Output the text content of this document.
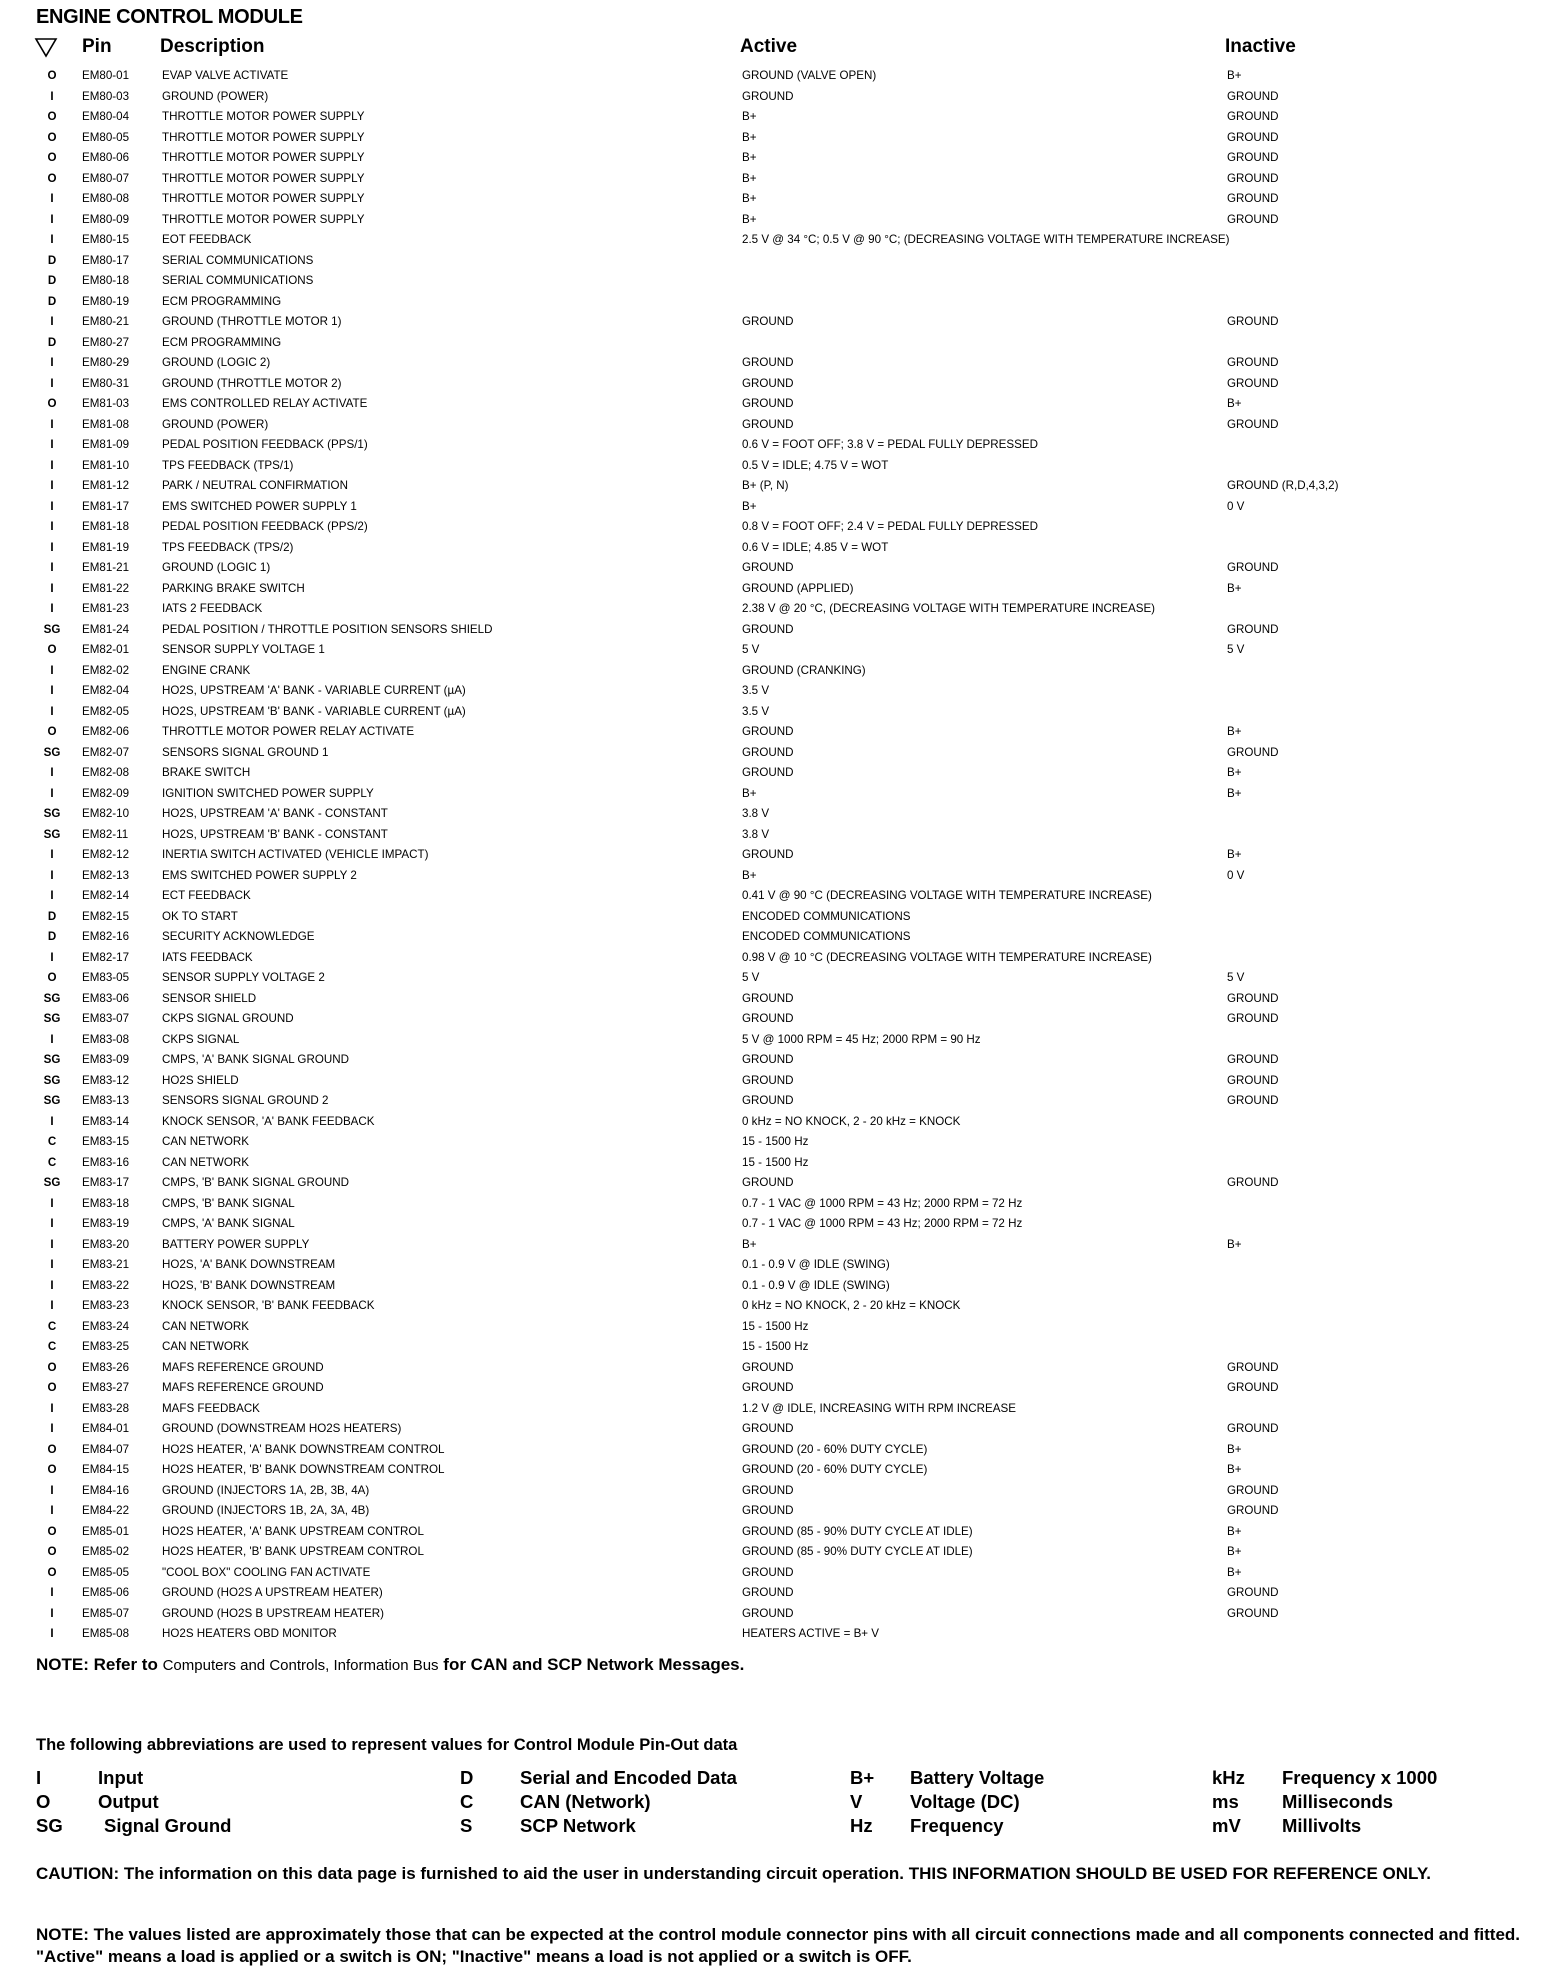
ENGINE CONTROL MODULE
Pin	Description	Active	Inactive
O	EM80-01	EVAP VALVE ACTIVATE	GROUND (VALVE OPEN)	B+
I	EM80-03	GROUND (POWER)	GROUND	GROUND
O	EM80-04	THROTTLE MOTOR POWER SUPPLY	B+	GROUND
O	EM80-05	THROTTLE MOTOR POWER SUPPLY	B+	GROUND
O	EM80-06	THROTTLE MOTOR POWER SUPPLY	B+	GROUND
O	EM80-07	THROTTLE MOTOR POWER SUPPLY	B+	GROUND
I	EM80-08	THROTTLE MOTOR POWER SUPPLY	B+	GROUND
I	EM80-09	THROTTLE MOTOR POWER SUPPLY	B+	GROUND
I	EM80-15	EOT FEEDBACK	2.5 V @ 34 °C; 0.5 V @ 90 °C; (DECREASING VOLTAGE WITH TEMPERATURE INCREASE)
D	EM80-17	SERIAL COMMUNICATIONS
D	EM80-18	SERIAL COMMUNICATIONS
D	EM80-19	ECM PROGRAMMING
I	EM80-21	GROUND (THROTTLE MOTOR 1)	GROUND	GROUND
D	EM80-27	ECM PROGRAMMING
I	EM80-29	GROUND (LOGIC 2)	GROUND	GROUND
I	EM80-31	GROUND (THROTTLE MOTOR 2)	GROUND	GROUND
O	EM81-03	EMS CONTROLLED RELAY ACTIVATE	GROUND	B+
I	EM81-08	GROUND (POWER)	GROUND	GROUND
I	EM81-09	PEDAL POSITION FEEDBACK (PPS/1)	0.6 V = FOOT OFF; 3.8 V = PEDAL FULLY DEPRESSED
I	EM81-10	TPS FEEDBACK (TPS/1)	0.5 V = IDLE; 4.75 V = WOT
I	EM81-12	PARK / NEUTRAL CONFIRMATION	B+ (P, N)	GROUND (R,D,4,3,2)
I	EM81-17	EMS SWITCHED POWER SUPPLY 1	B+	0 V
I	EM81-18	PEDAL POSITION FEEDBACK (PPS/2)	0.8 V = FOOT OFF; 2.4 V = PEDAL FULLY DEPRESSED
I	EM81-19	TPS FEEDBACK (TPS/2)	0.6 V = IDLE; 4.85 V = WOT
I	EM81-21	GROUND (LOGIC 1)	GROUND	GROUND
I	EM81-22	PARKING BRAKE SWITCH	GROUND (APPLIED)	B+
I	EM81-23	IATS 2 FEEDBACK	2.38 V @ 20 °C, (DECREASING VOLTAGE WITH TEMPERATURE INCREASE)
SG	EM81-24	PEDAL POSITION / THROTTLE POSITION SENSORS SHIELD	GROUND	GROUND
O	EM82-01	SENSOR SUPPLY VOLTAGE 1	5 V	5 V
I	EM82-02	ENGINE CRANK	GROUND (CRANKING)
I	EM82-04	HO2S, UPSTREAM 'A' BANK - VARIABLE CURRENT (µA)	3.5 V
I	EM82-05	HO2S, UPSTREAM 'B' BANK - VARIABLE CURRENT (µA)	3.5 V
O	EM82-06	THROTTLE MOTOR POWER RELAY ACTIVATE	GROUND	B+
SG	EM82-07	SENSORS SIGNAL GROUND 1	GROUND	GROUND
I	EM82-08	BRAKE SWITCH	GROUND	B+
I	EM82-09	IGNITION SWITCHED POWER SUPPLY	B+	B+
SG	EM82-10	HO2S, UPSTREAM 'A' BANK - CONSTANT	3.8 V
SG	EM82-11	HO2S, UPSTREAM 'B' BANK - CONSTANT	3.8 V
I	EM82-12	INERTIA SWITCH ACTIVATED (VEHICLE IMPACT)	GROUND	B+
I	EM82-13	EMS SWITCHED POWER SUPPLY 2	B+	0 V
I	EM82-14	ECT FEEDBACK	0.41 V @ 90 °C (DECREASING VOLTAGE WITH TEMPERATURE INCREASE)
D	EM82-15	OK TO START	ENCODED COMMUNICATIONS
D	EM82-16	SECURITY ACKNOWLEDGE	ENCODED COMMUNICATIONS
I	EM82-17	IATS FEEDBACK	0.98 V @ 10 °C (DECREASING VOLTAGE WITH TEMPERATURE INCREASE)
O	EM83-05	SENSOR SUPPLY VOLTAGE 2	5 V	5 V
SG	EM83-06	SENSOR SHIELD	GROUND	GROUND
SG	EM83-07	CKPS SIGNAL GROUND	GROUND	GROUND
I	EM83-08	CKPS SIGNAL	5 V @ 1000 RPM = 45 Hz; 2000 RPM = 90 Hz
SG	EM83-09	CMPS, 'A' BANK SIGNAL GROUND	GROUND	GROUND
SG	EM83-12	HO2S SHIELD	GROUND	GROUND
SG	EM83-13	SENSORS SIGNAL GROUND 2	GROUND	GROUND
I	EM83-14	KNOCK SENSOR, 'A' BANK FEEDBACK	0 kHz = NO KNOCK, 2 - 20 kHz = KNOCK
C	EM83-15	CAN NETWORK	15 - 1500 Hz
C	EM83-16	CAN NETWORK	15 - 1500 Hz
SG	EM83-17	CMPS, 'B' BANK SIGNAL GROUND	GROUND	GROUND
I	EM83-18	CMPS, 'B' BANK SIGNAL	0.7 - 1 VAC @ 1000 RPM = 43 Hz; 2000 RPM = 72 Hz
I	EM83-19	CMPS, 'A' BANK SIGNAL	0.7 - 1 VAC @ 1000 RPM = 43 Hz; 2000 RPM = 72 Hz
I	EM83-20	BATTERY POWER SUPPLY	B+	B+
I	EM83-21	HO2S, 'A' BANK DOWNSTREAM	0.1 - 0.9 V @ IDLE (SWING)
I	EM83-22	HO2S, 'B' BANK DOWNSTREAM	0.1 - 0.9 V @ IDLE (SWING)
I	EM83-23	KNOCK SENSOR, 'B' BANK FEEDBACK	0 kHz = NO KNOCK, 2 - 20 kHz = KNOCK
C	EM83-24	CAN NETWORK	15 - 1500 Hz
C	EM83-25	CAN NETWORK	15 - 1500 Hz
O	EM83-26	MAFS REFERENCE GROUND	GROUND	GROUND
O	EM83-27	MAFS REFERENCE GROUND	GROUND	GROUND
I	EM83-28	MAFS FEEDBACK	1.2 V @ IDLE, INCREASING WITH RPM INCREASE
I	EM84-01	GROUND (DOWNSTREAM HO2S HEATERS)	GROUND	GROUND
O	EM84-07	HO2S HEATER, 'A' BANK DOWNSTREAM CONTROL	GROUND (20 - 60% DUTY CYCLE)	B+
O	EM84-15	HO2S HEATER, 'B' BANK DOWNSTREAM CONTROL	GROUND (20 - 60% DUTY CYCLE)	B+
I	EM84-16	GROUND (INJECTORS 1A, 2B, 3B, 4A)	GROUND	GROUND
I	EM84-22	GROUND (INJECTORS 1B, 2A, 3A, 4B)	GROUND	GROUND
O	EM85-01	HO2S HEATER, 'A' BANK UPSTREAM CONTROL	GROUND (85 - 90% DUTY CYCLE AT IDLE)	B+
O	EM85-02	HO2S HEATER, 'B' BANK UPSTREAM CONTROL	GROUND (85 - 90% DUTY CYCLE AT IDLE)	B+
O	EM85-05	"COOL BOX" COOLING FAN ACTIVATE	GROUND	B+
I	EM85-06	GROUND (HO2S A UPSTREAM HEATER)	GROUND	GROUND
I	EM85-07	GROUND (HO2S B UPSTREAM HEATER)	GROUND	GROUND
I	EM85-08	HO2S HEATERS OBD MONITOR	HEATERS ACTIVE = B+ V
NOTE: Refer to Computers and Controls, Information Bus for CAN and SCP Network Messages.
The following abbreviations are used to represent values for Control Module Pin-Out data
I	Input
O	Output
SG Signal Ground
D	Serial and Encoded Data
C	CAN (Network)
S	SCP Network
B+ Battery Voltage
V	Voltage (DC)
Hz Frequency
kHz Frequency x 1000
ms Milliseconds
mV Millivolts
CAUTION: The information on this data page is furnished to aid the user in understanding circuit operation. THIS INFORMATION SHOULD BE USED FOR REFERENCE ONLY.
NOTE: The values listed are approximately those that can be expected at the control module connector pins with all circuit connections made and all components connected and fitted. "Active" means a load is applied or a switch is ON; "Inactive" means a load is not applied or a switch is OFF.
